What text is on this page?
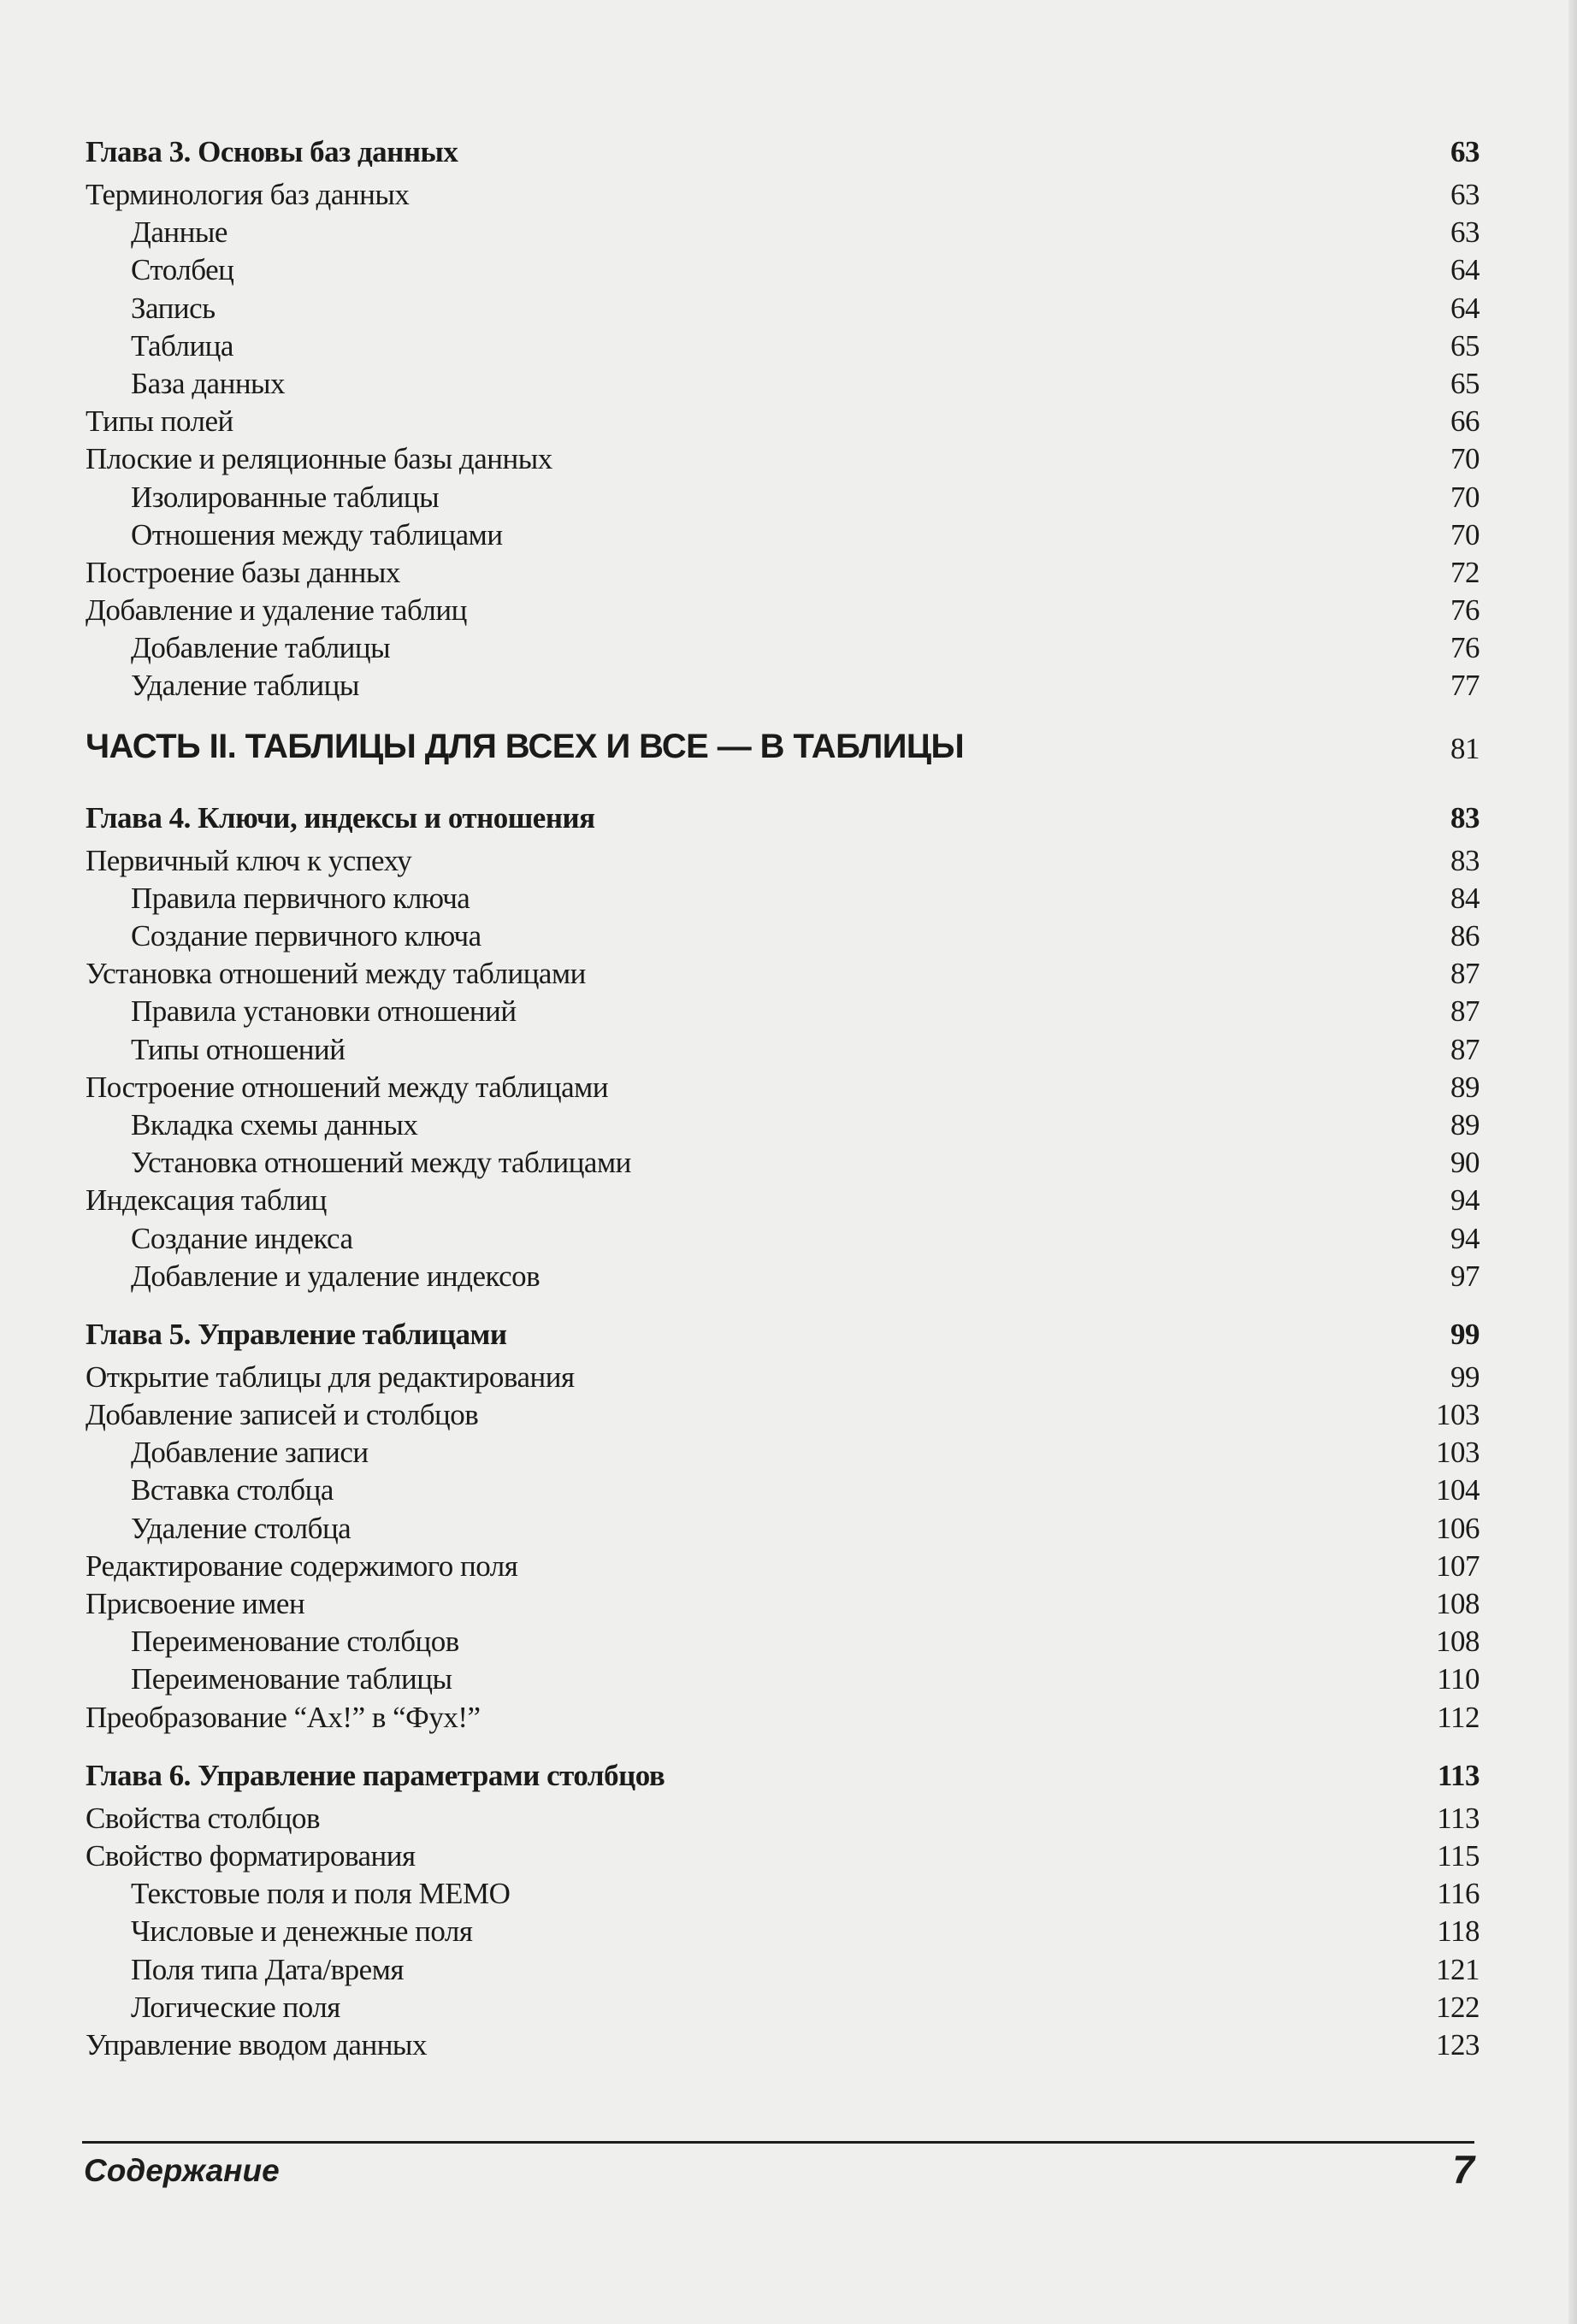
Глава 3. Основы баз данных	63
Терминология баз данных	63
Данные	63
Столбец	64
Запись	64
Таблица	65
База данных	65
Типы полей	66
Плоские и реляционные базы данных	70
Изолированные таблицы	70
Отношения между таблицами	70
Построение базы данных	72
Добавление и удаление таблиц	76
Добавление таблицы	76
Удаление таблицы	77
ЧАСТЬ II. ТАБЛИЦЫ ДЛЯ ВСЕХ И ВСЕ — В ТАБЛИЦЫ	81
Глава 4. Ключи, индексы и отношения	83
Первичный ключ к успеху	83
Правила первичного ключа	84
Создание первичного ключа	86
Установка отношений между таблицами	87
Правила установки отношений	87
Типы отношений	87
Построение отношений между таблицами	89
Вкладка схемы данных	89
Установка отношений между таблицами	90
Индексация таблиц	94
Создание индекса	94
Добавление и удаление индексов	97
Глава 5. Управление таблицами	99
Открытие таблицы для редактирования	99
Добавление записей и столбцов	103
Добавление записи	103
Вставка столбца	104
Удаление столбца	106
Редактирование содержимого поля	107
Присвоение имен	108
Переименование столбцов	108
Переименование таблицы	110
Преобразование “Ах!” в “Фух!”	112
Глава 6. Управление параметрами столбцов	113
Свойства столбцов	113
Свойство форматирования	115
Текстовые поля и поля МЕМО	116
Числовые и денежные поля	118
Поля типа Дата/время	121
Логические поля	122
Управление вводом данных	123
Содержание	7
